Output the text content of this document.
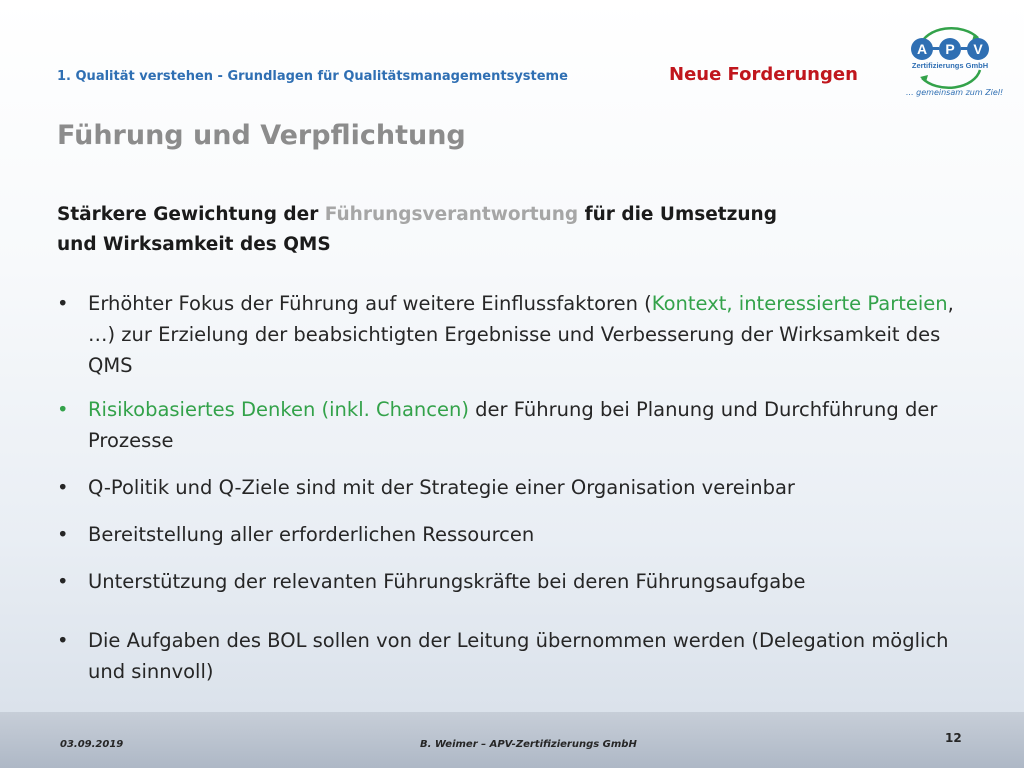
1. Qualität verstehen - Grundlagen für Qualitätsmanagementsysteme	Neue Forderungen
A P V
Zertifizierungs GmbH
... gemeinsam zum Ziel!
Führung und Verpflichtung
Stärkere Gewichtung der Führungsverantwortung für die Umsetzung
und Wirksamkeit des QMS
• Erhöhter Fokus der Führung auf weitere Einflussfaktoren (Kontext, interessierte Parteien, …) zur Erzielung der beabsichtigten Ergebnisse und Verbesserung der Wirksamkeit des QMS
• Risikobasiertes Denken (inkl. Chancen) der Führung bei Planung und Durchführung der Prozesse
• Q-Politik und Q-Ziele sind mit der Strategie einer Organisation vereinbar
• Bereitstellung aller erforderlichen Ressourcen
• Unterstützung der relevanten Führungskräfte bei deren Führungsaufgabe
• Die Aufgaben des BOL sollen von der Leitung übernommen werden (Delegation möglich und sinnvoll)
03.09.2019	B. Weimer – APV-Zertifizierungs GmbH	12
